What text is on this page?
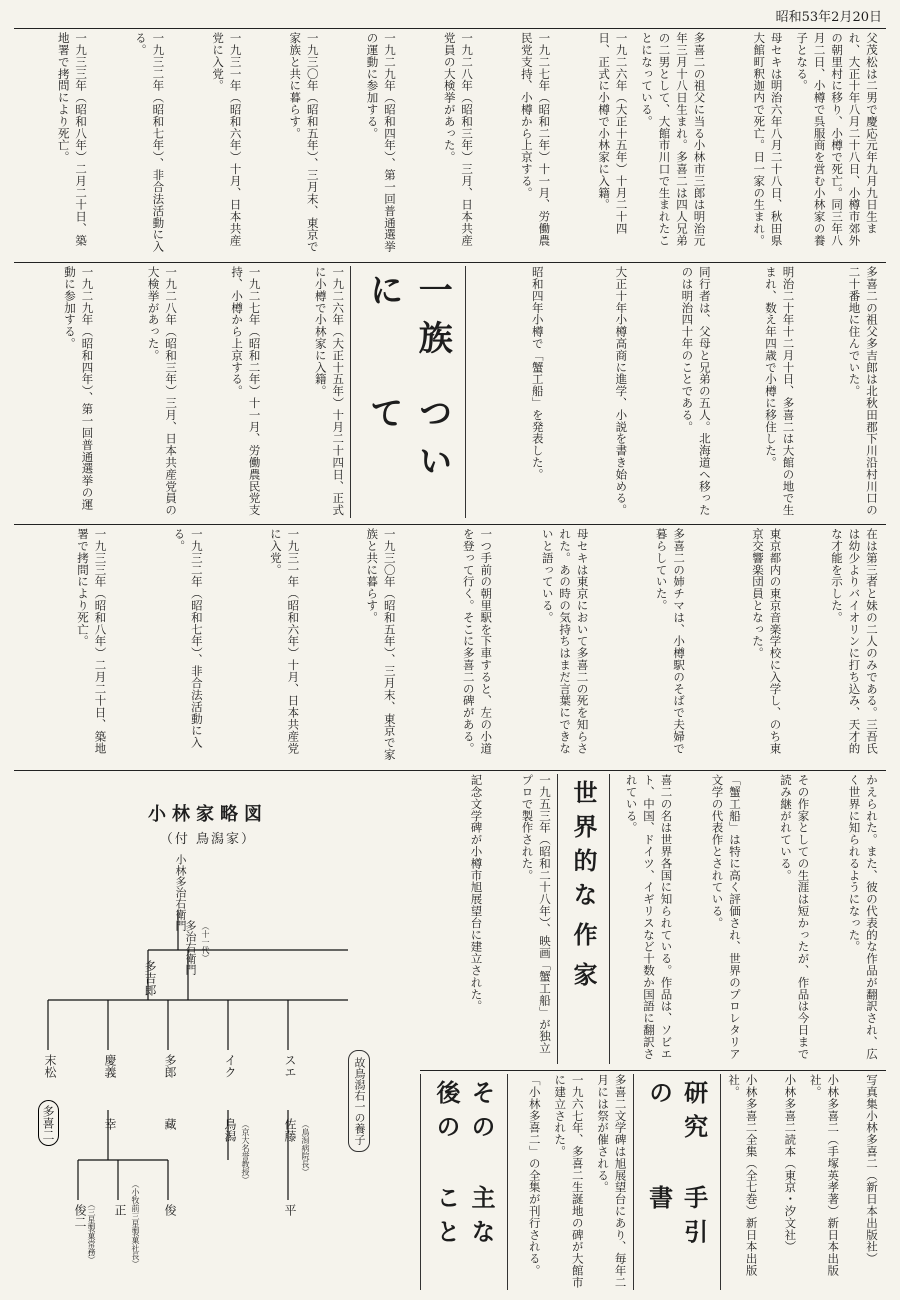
昭和53年2月20日
父茂松は二男で慶応元年九月九日生まれ、大正十年八月二十八日、小樽市郊外の朝里村に移り、小樽で死亡。同三年八月二日、小樽で呉服商を営む小林家の養子となる。
母セキは明治六年八月二十八日、秋田県大館町釈迦内で死亡。日一家の生まれ。
多喜二の祖父に当る小林市三郎は明治元年三月十八日生まれ。多喜二は四人兄弟の二男として、大館市川口で生まれたことになっている。
一九二六年（大正十五年）十月二十四日、正式に小樽で小林家に入籍。
一九二七年（昭和二年）十一月、労働農民党支持、小樽から上京する。
一九二八年（昭和三年）三月、日本共産党員の大検挙があった。
一九二九年（昭和四年）、第一回普通選挙の運動に参加する。
一九三〇年（昭和五年）、三月末、東京で家族と共に暮らす。
一九三一年（昭和六年）十月、日本共産党に入党。
一九三二年（昭和七年）、非合法活動に入る。
一九三三年（昭和八年）二月二十日、築地署で拷問により死亡。
多喜二の祖父多吉郎は北秋田郡下川沿村川口の二十番地に住んでいた。
明治二十年十二月十日、多喜二は大館の地で生まれ、数え年四歳で小樽に移住した。
同行者は、父母と兄弟の五人。北海道へ移ったのは明治四十年のことである。
大正十年小樽高商に進学、小説を書き始める。
昭和四年小樽で「蟹工船」を発表した。
一族に
ついて
一九二六年（大正十五年）十月二十四日、正式に小樽で小林家に入籍。
一九二七年（昭和二年）十一月、労働農民党支持、小樽から上京する。
一九二八年（昭和三年）三月、日本共産党員の大検挙があった。
一九二九年（昭和四年）、第一回普通選挙の運動に参加する。
在は第三者と妹の二人のみである。三吾氏は幼少よりバイオリンに打ち込み、天才的な才能を示した。
東京都内の東京音楽学校に入学し、のち東京交響楽団員となった。
多喜二の姉チマは、小樽駅のそばで夫婦で暮らしていた。
母セキは東京において多喜二の死を知らされた。あの時の気持ちはまだ言葉にできないと語っている。
一つ手前の朝里駅を下車すると、左の小道を登って行く。そこに多喜二の碑がある。
一九三〇年（昭和五年）、三月末、東京で家族と共に暮らす。
一九三一年（昭和六年）十月、日本共産党に入党。
一九三二年（昭和七年）、非合法活動に入る。
一九三三年（昭和八年）二月二十日、築地署で拷問により死亡。
かえられた。また、彼の代表的な作品が翻訳され、広く世界に知られるようになった。
その作家としての生涯は短かったが、作品は今日まで読み継がれている。
「蟹工船」は特に高く評価され、世界のプロレタリア文学の代表作とされている。
喜二の名は世界各国に知られている。作品は、ソビエト、中国、ドイツ、イギリスなど十数か国語に翻訳されている。
世界的な
作
家
一九五三年（昭和二十八年）、映画「蟹工船」が独立プロで製作された。
記念文学碑が小樽市旭展望台に建立された。
写真集小林多喜二（新日本出版社）
小林多喜二（手塚英孝著）新日本出版社。
小林多喜二読本（東京・汐文社）
小林多喜二全集（全七巻）新日本出版社。
研究の
手引書
多喜二文学碑は旭展望台にあり、毎年二月には祭が催される。
一九六七年、多喜二生誕地の碑が大館市に建立された。
「小林多喜二」の全集が刊行される。
その後の
主なこと
小林家略図
（付 鳥潟家）
小林多治右衛門
多吉郎
多治右衛門 （十一代）
末松	慶義	多郎	イク	スエ
多喜二	幸	藏	鳥潟	佐藤
俊二 正	俊	平
（三星製菓常務）	（小牧前三星製菓社長）
（京大名誉教授）	（鳥潟病院長）
故鳥潟右一の養子
